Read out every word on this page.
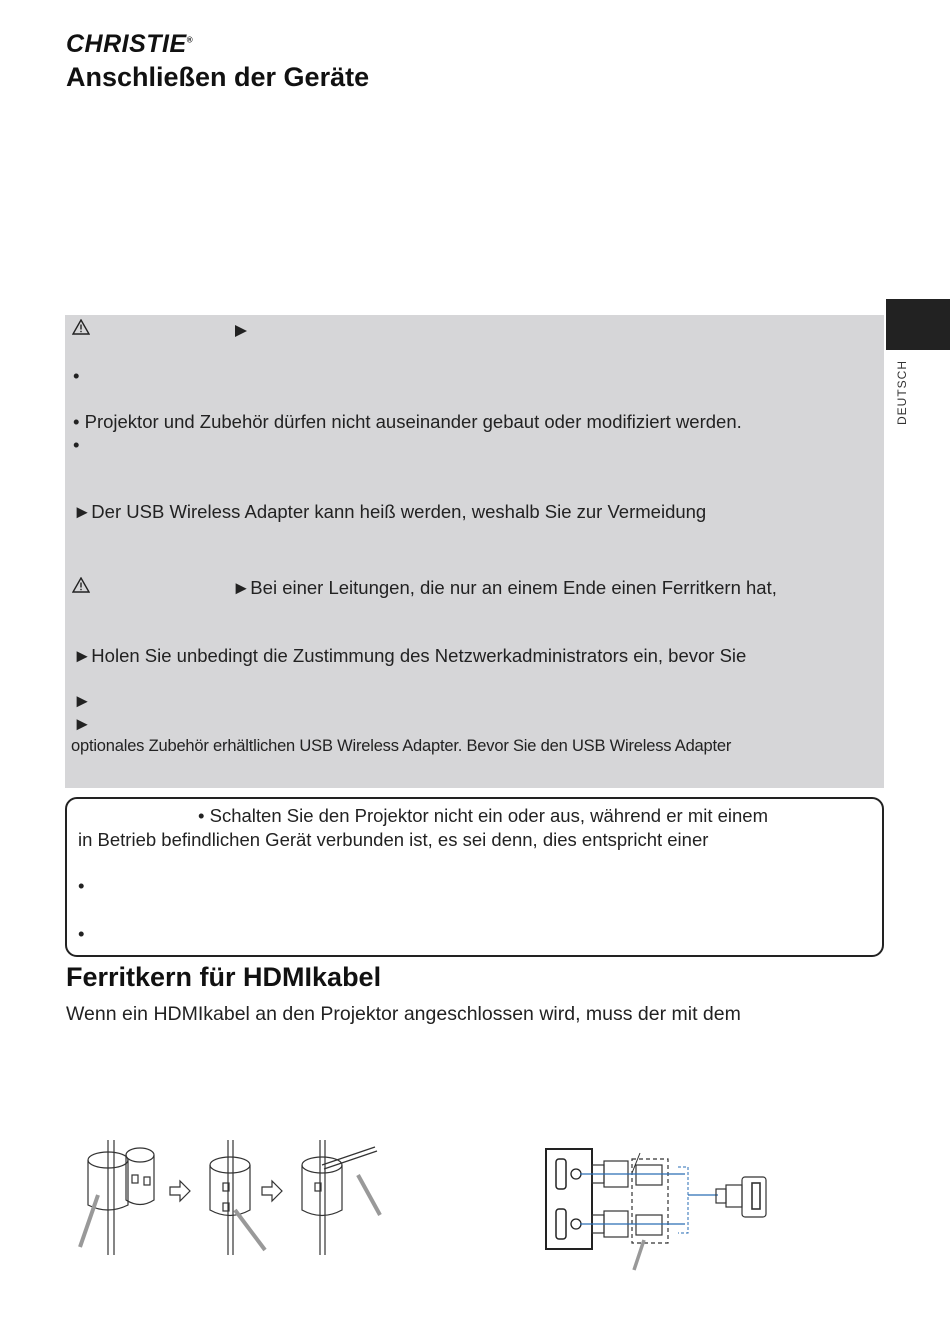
CHRISTIE®
Anschließen der Geräte
DEUTSCH
•
• Projektor und Zubehör dürfen nicht auseinander gebaut oder modifiziert werden.
•
►Der USB Wireless Adapter kann heiß werden, weshalb Sie zur Vermeidung
►Bei einer Leitungen, die nur an einem Ende einen Ferritkern hat,
►Holen Sie unbedingt die Zustimmung des Netzwerkadministrators ein, bevor Sie
►
►
optionales Zubehör erhältlichen USB Wireless Adapter. Bevor Sie den USB Wireless Adapter
• Schalten Sie den Projektor nicht ein oder aus, während er mit einem
in Betrieb befindlichen Gerät verbunden ist, es sei denn, dies entspricht einer
•
•
Ferritkern für HDMIkabel
Wenn ein HDMIkabel an den Projektor angeschlossen wird, muss der mit dem
